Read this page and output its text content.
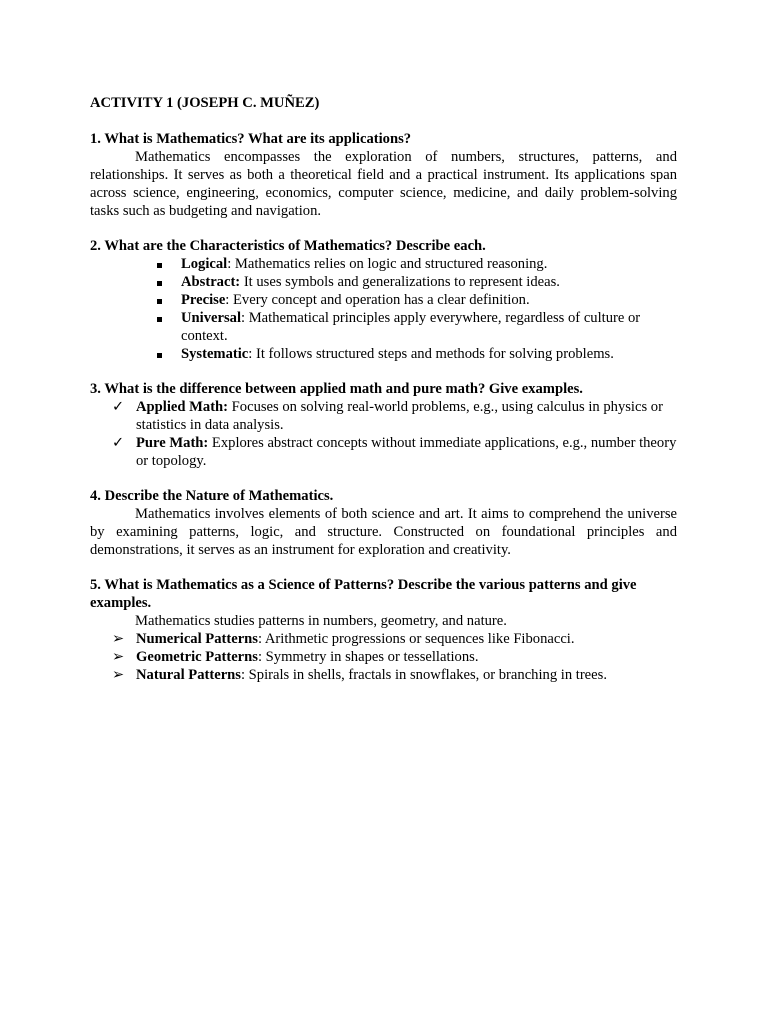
ACTIVITY 1 (JOSEPH C. MUÑEZ)
1. What is Mathematics? What are its applications?
Mathematics encompasses the exploration of numbers, structures, patterns, and relationships. It serves as both a theoretical field and a practical instrument. Its applications span across science, engineering, economics, computer science, medicine, and daily problem-solving tasks such as budgeting and navigation.
2. What are the Characteristics of Mathematics? Describe each.
Logical: Mathematics relies on logic and structured reasoning.
Abstract: It uses symbols and generalizations to represent ideas.
Precise: Every concept and operation has a clear definition.
Universal: Mathematical principles apply everywhere, regardless of culture or context.
Systematic: It follows structured steps and methods for solving problems.
3. What is the difference between applied math and pure math? Give examples.
✓ Applied Math: Focuses on solving real-world problems, e.g., using calculus in physics or statistics in data analysis.
✓ Pure Math: Explores abstract concepts without immediate applications, e.g., number theory or topology.
4. Describe the Nature of Mathematics.
Mathematics involves elements of both science and art. It aims to comprehend the universe by examining patterns, logic, and structure. Constructed on foundational principles and demonstrations, it serves as an instrument for exploration and creativity.
5. What is Mathematics as a Science of Patterns? Describe the various patterns and give examples.
Mathematics studies patterns in numbers, geometry, and nature.
➢ Numerical Patterns: Arithmetic progressions or sequences like Fibonacci.
➢ Geometric Patterns: Symmetry in shapes or tessellations.
➢ Natural Patterns: Spirals in shells, fractals in snowflakes, or branching in trees.
